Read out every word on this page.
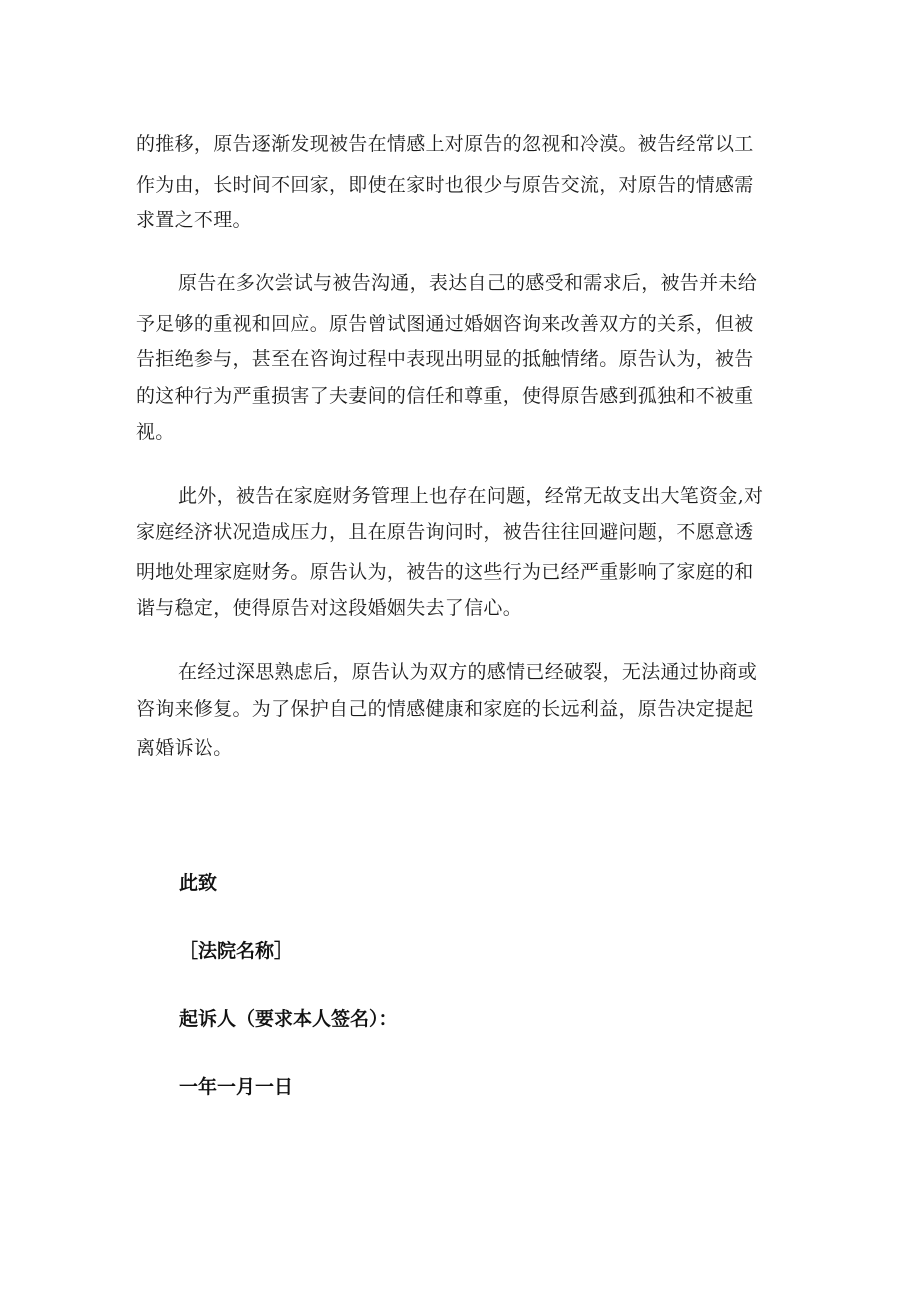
的推移，原告逐渐发现被告在情感上对原告的忽视和冷漠。被告经常以工
作为由，长时间不回家，即使在家时也很少与原告交流，对原告的情感需
求置之不理。
原告在多次尝试与被告沟通，表达自己的感受和需求后，被告并未给
予足够的重视和回应。原告曾试图通过婚姻咨询来改善双方的关系，但被
告拒绝参与，甚至在咨询过程中表现出明显的抵触情绪。原告认为，被告
的这种行为严重损害了夫妻间的信任和尊重，使得原告感到孤独和不被重
视。
此外，被告在家庭财务管理上也存在问题，经常无故支出大笔资金,对
家庭经济状况造成压力，且在原告询问时，被告往往回避问题，不愿意透
明地处理家庭财务。原告认为，被告的这些行为已经严重影响了家庭的和
谐与稳定，使得原告对这段婚姻失去了信心。
在经过深思熟虑后，原告认为双方的感情已经破裂，无法通过协商或
咨询来修复。为了保护自己的情感健康和家庭的长远利益，原告决定提起
离婚诉讼。
此致
［法院名称］
起诉人（要求本人签名）：
一年一月一日
